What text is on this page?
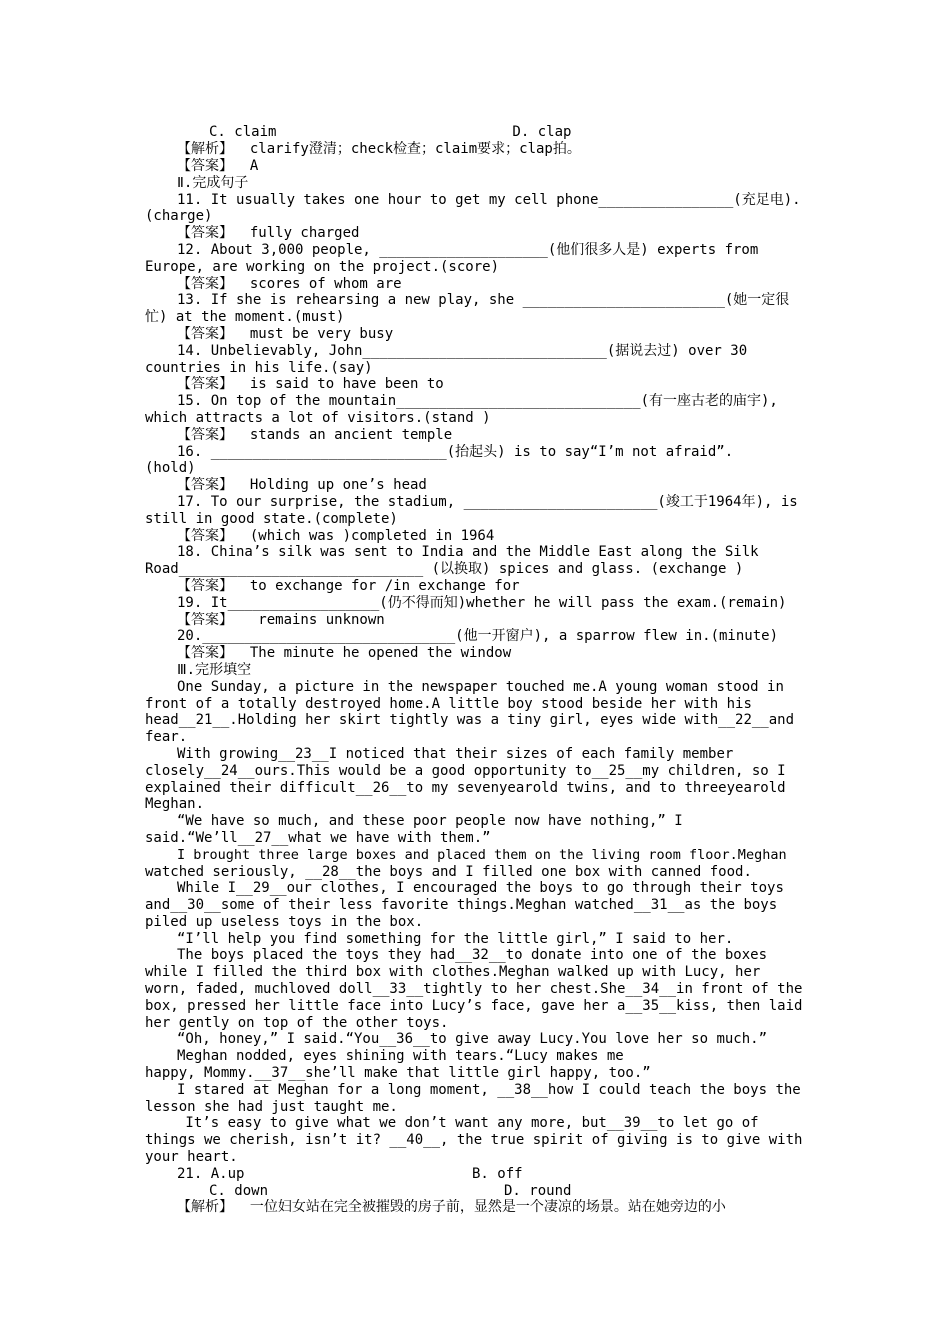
C. claim                            D. clap
【解析】  clarify澄清；check检查；claim要求；clap拍。
【答案】  A
Ⅱ.完成句子
11. It usually takes one hour to get my cell phone________________(充足电).
(charge)
【答案】  fully charged
12. About 3,000 people, ____________________(他们很多人是) experts from
Europe, are working on the project.(score)
【答案】  scores of whom are
13. If she is rehearsing a new play, she ________________________(她一定很
忙) at the moment.(must)
【答案】  must be very busy
14. Unbelievably, John_____________________________(据说去过) over 30
countries in his life.(say)
【答案】  is said to have been to
15. On top of the mountain_____________________________(有一座古老的庙宇),
which attracts a lot of visitors.(stand )
【答案】  stands an ancient temple
16. ____________________________(抬起头) is to say“I’m not afraid”.
(hold)
【答案】  Holding up one’s head
17. To our surprise, the stadium, _______________________(竣工于1964年), is
still in good state.(complete)
【答案】  (which was )completed in 1964
18. China’s silk was sent to India and the Middle East along the Silk
Road_____________________________ (以换取) spices and glass. (exchange )
【答案】  to exchange for /in exchange for
19. It__________________(仍不得而知)whether he will pass the exam.(remain)
【答案】   remains unknown
20.______________________________(他一开窗户), a sparrow flew in.(minute)
【答案】  The minute he opened the window
Ⅲ.完形填空
One Sunday, a picture in the newspaper touched me.A young woman stood in
front of a totally destroyed home.A little boy stood beside her with his
head__21__.Holding her skirt tightly was a tiny girl, eyes wide with__22__and
fear.
With growing__23__I noticed that their sizes of each family member
closely__24__ours.This would be a good opportunity to__25__my children, so I
explained their difficult__26__to my sevenyearold twins, and to threeyearold
Meghan.
“We have so much, and these poor people now have nothing,” I
said.“We’ll__27__what we have with them.”
I brought three large boxes and placed them on the living room floor.Meghan
watched seriously, __28__the boys and I filled one box with canned food.
While I__29__our clothes, I encouraged the boys to go through their toys
and__30__some of their less favorite things.Meghan watched__31__as the boys
piled up useless toys in the box.
“I’ll help you find something for the little girl,” I said to her.
The boys placed the toys they had__32__to donate into one of the boxes
while I filled the third box with clothes.Meghan walked up with Lucy, her
worn, faded, muchloved doll__33__tightly to her chest.She__34__in front of the
box, pressed her little face into Lucy’s face, gave her a__35__kiss, then laid
her gently on top of the other toys.
“Oh, honey,” I said.“You__36__to give away Lucy.You love her so much.”
Meghan nodded, eyes shining with tears.“Lucy makes me
happy, Mommy.__37__she’ll make that little girl happy, too.”
I stared at Meghan for a long moment, __38__how I could teach the boys the
lesson she had just taught me.
It’s easy to give what we don’t want any more, but__39__to let go of
things we cherish, isn’t it? __40__, the true spirit of giving is to give with
your heart.
21. A.up                           B. off
C. down                            D. round
【解析】  一位妇女站在完全被摧毁的房子前，显然是一个凄凉的场景。站在她旁边的小
